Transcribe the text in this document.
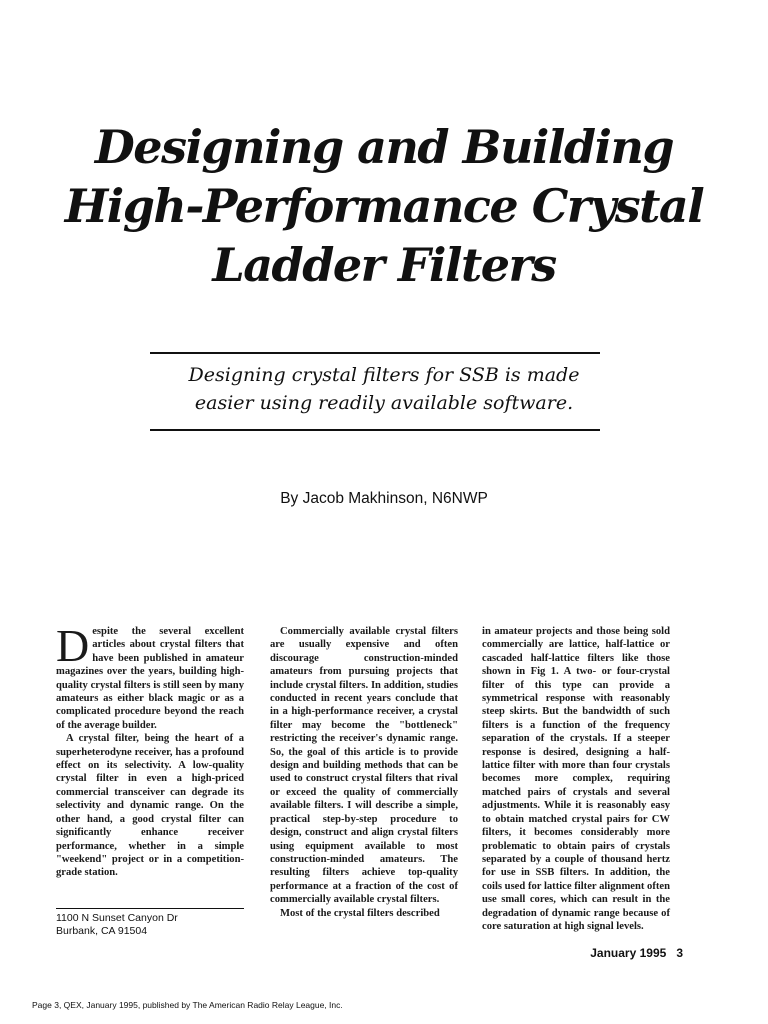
Designing and Building
High-Performance Crystal
Ladder Filters
Designing crystal filters for SSB is made
easier using readily available software.
By Jacob Makhinson, N6NWP

Despite the several excellent articles about crystal filters that have been published in amateur magazines over the years, building high-quality crystal filters is still seen by many amateurs as either black magic or as a complicated procedure beyond the reach of the average builder.

A crystal filter, being the heart of a superheterodyne receiver, has a profound effect on its selectivity. A low-quality crystal filter in even a high-priced commercial transceiver can degrade its selectivity and dynamic range. On the other hand, a good crystal filter can significantly enhance receiver performance, whether in a simple "weekend" project or in a competition-grade station.

Commercially available crystal filters are usually expensive and often discourage construction-minded amateurs from pursuing projects that include crystal filters. In addition, studies conducted in recent years conclude that in a high-performance receiver, a crystal filter may become the "bottleneck" restricting the receiver's dynamic range. So, the goal of this article is to provide design and building methods that can be used to construct crystal filters that rival or exceed the quality of commercially available filters. I will describe a simple, practical step-by-step procedure to design, construct and align crystal filters using equipment available to most construction-minded amateurs. The resulting filters achieve top-quality performance at a fraction of the cost of commercially available crystal filters.

Most of the crystal filters described

in amateur projects and those being sold commercially are lattice, half-lattice or cascaded half-lattice filters like those shown in Fig 1. A two- or four-crystal filter of this type can provide a symmetrical response with reasonably steep skirts. But the bandwidth of such filters is a function of the frequency separation of the crystals. If a steeper response is desired, designing a half-lattice filter with more than four crystals becomes more complex, requiring matched pairs of crystals and several adjustments. While it is reasonably easy to obtain matched crystal pairs for CW filters, it becomes considerably more problematic to obtain pairs of crystals separated by a couple of thousand hertz for use in SSB filters. In addition, the coils used for lattice filter alignment often use small cores, which can result in the degradation of dynamic range because of core saturation at high signal levels.

1100 N Sunset Canyon Dr
Burbank, CA 91504
January 1995 3
Page 3, QEX, January 1995, published by The American Radio Relay League, Inc.
